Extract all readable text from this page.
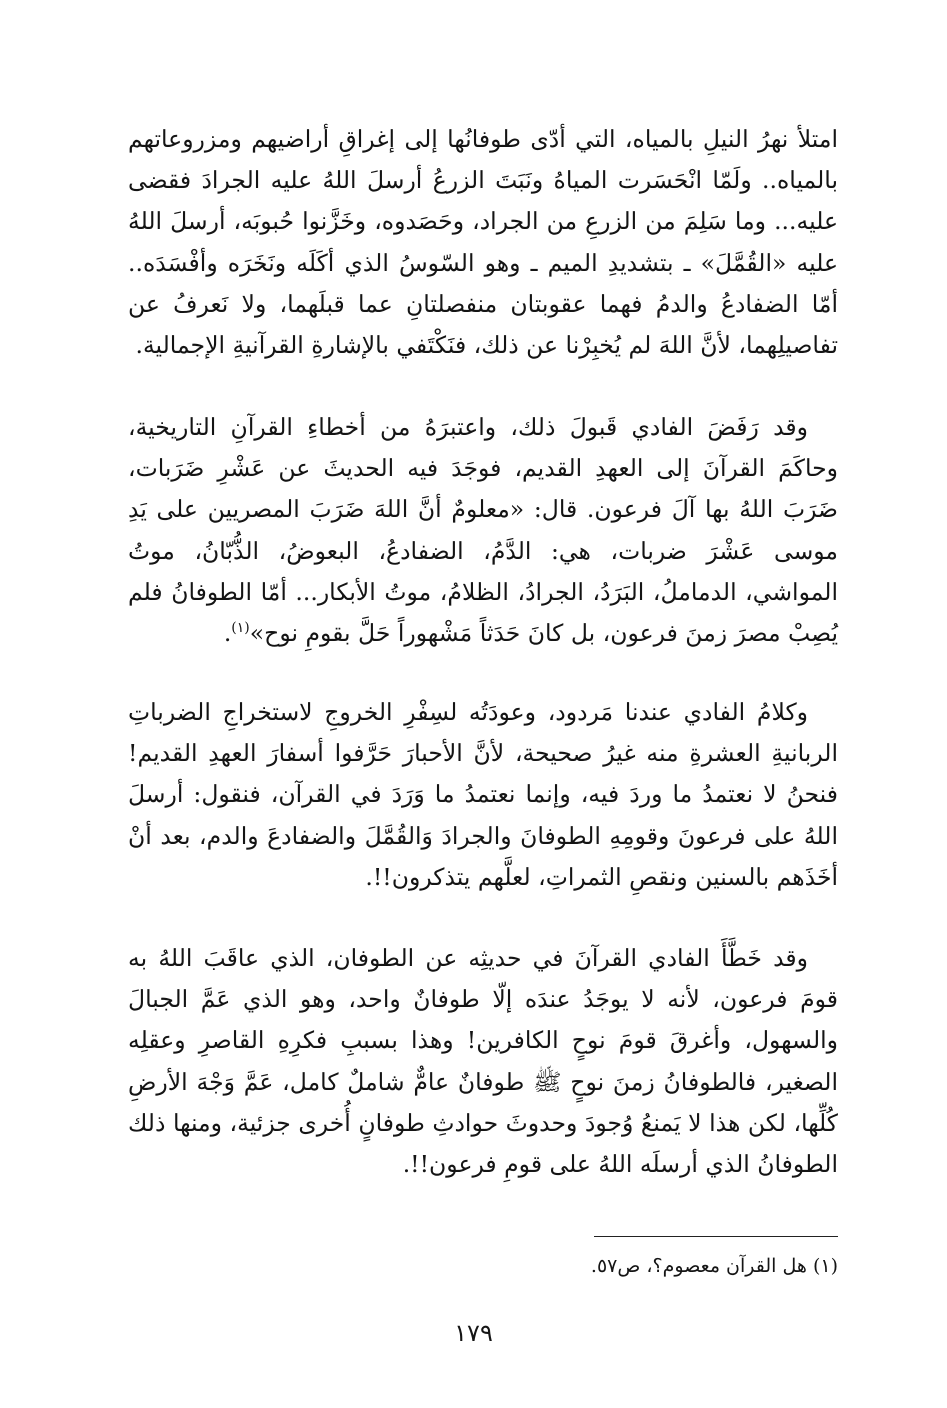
امتلأ نهرُ النيلِ بالمياه، التي أدّى طوفانُها إلى إغراقِ أراضيهم ومزروعاتهم بالمياه.. ولَمّا انْحَسَرت المياهُ ونَبَتَ الزرعُ أرسلَ اللهُ عليه الجرادَ فقضى عليه... وما سَلِمَ من الزرعِ من الجراد، وحَصَدوه، وخَزَّنوا حُبوبَه، أرسلَ اللهُ عليه «القُمَّلَ» ـ بتشديدِ الميم ـ وهو السّوسُ الذي أكَلَه ونَخَرَه وأفْسَدَه.. أمّا الضفادعُ والدمُ فهما عقوبتان منفصلتانِ عما قبلَهما، ولا نَعرفُ عن تفاصيلِهما، لأنَّ اللهَ لم يُخبِرْنا عن ذلك، فنَكْتَفي بالإشارةِ القرآنيةِ الإجمالية.

وقد رَفَضَ الفادي قَبولَ ذلك، واعتبرَهُ من أخطاءِ القرآنِ التاريخية، وحاكَمَ القرآنَ إلى العهدِ القديم، فوجَدَ فيه الحديثَ عن عَشْرِ ضَرَبات، ضَرَبَ اللهُ بها آلَ فرعون. قال: «معلومٌ أنَّ اللهَ ضَرَبَ المصريين على يَدِ موسى عَشْرَ ضربات، هي: الدَّمُ، الضفادعُ، البعوضُ، الذُّبّانُ، موتُ المواشي، الدماملُ، البَرَدُ، الجرادُ، الظلامُ، موتُ الأبكار... أمّا الطوفانُ فلم يُصِبْ مصرَ زمنَ فرعون، بل كانَ حَدَثاً مَشْهوراً حَلَّ بقومِ نوح»$^{(١)}$.

وكلامُ الفادي عندنا مَردود، وعودَتُه لسِفْرِ الخروجِ لاستخراجِ الضرباتِ الربانيةِ العشرةِ منه غيرُ صحيحة، لأنَّ الأحبارَ حَرَّفوا أسفارَ العهدِ القديم! فنحنُ لا نعتمدُ ما وردَ فيه، وإنما نعتمدُ ما وَرَدَ في القرآن، فنقول: أرسلَ اللهُ على فرعونَ وقومِهِ الطوفانَ والجرادَ وَالقُمَّلَ والضفادعَ والدم، بعد أنْ أخَذَهم بالسنين ونقصِ الثمراتِ، لعلَّهم يتذكرون!!.

وقد خَطَّأَ الفادي القرآنَ في حديثِه عن الطوفان، الذي عاقَبَ اللهُ به قومَ فرعون، لأنه لا يوجَدُ عندَه إلّا طوفانٌ واحد، وهو الذي عَمَّ الجبالَ والسهول، وأغرقَ قومَ نوحٍ الكافرين! وهذا بسببِ فكرِهِ القاصرِ وعقلِه الصغير، فالطوفانُ زمنَ نوحٍ ﷺ طوفانٌ عامٌّ شاملٌ كامل، عَمَّ وَجْهَ الأرضِ كُلِّها، لكن هذا لا يَمنعُ وُجودَ وحدوثَ حوادثِ طوفانٍ أُخرى جزئية، ومنها ذلك الطوفانُ الذي أرسلَه اللهُ على قومِ فرعون!!.

(١) هل القرآن معصوم؟، ص٥٧.
١٧٩
